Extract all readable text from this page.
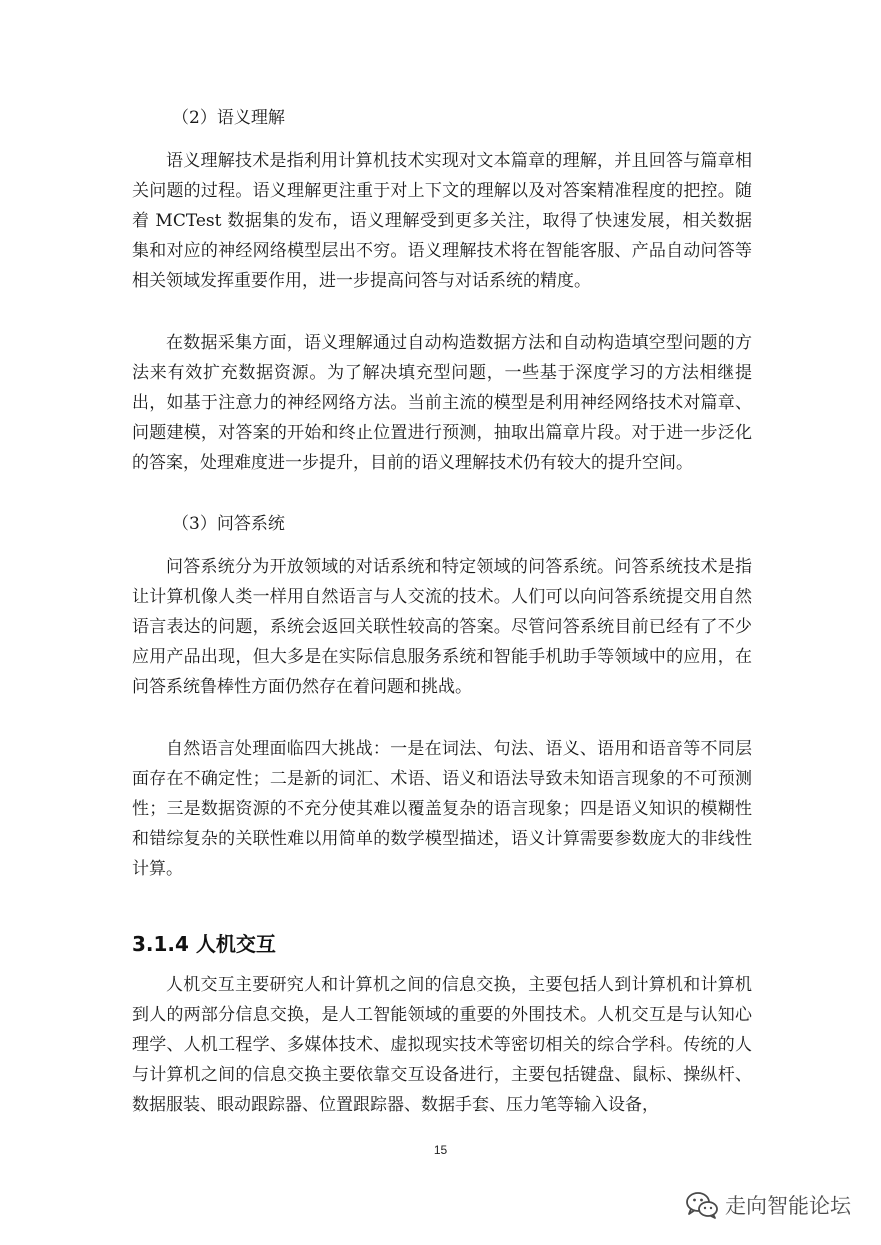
（2）语义理解

语义理解技术是指利用计算机技术实现对文本篇章的理解，并且回答与篇章相关问题的过程。语义理解更注重于对上下文的理解以及对答案精准程度的把控。随着 MCTest 数据集的发布，语义理解受到更多关注，取得了快速发展，相关数据集和对应的神经网络模型层出不穷。语义理解技术将在智能客服、产品自动问答等相关领域发挥重要作用，进一步提高问答与对话系统的精度。

在数据采集方面，语义理解通过自动构造数据方法和自动构造填空型问题的方法来有效扩充数据资源。为了解决填充型问题，一些基于深度学习的方法相继提出，如基于注意力的神经网络方法。当前主流的模型是利用神经网络技术对篇章、问题建模，对答案的开始和终止位置进行预测，抽取出篇章片段。对于进一步泛化的答案，处理难度进一步提升，目前的语义理解技术仍有较大的提升空间。

（3）问答系统

问答系统分为开放领域的对话系统和特定领域的问答系统。问答系统技术是指让计算机像人类一样用自然语言与人交流的技术。人们可以向问答系统提交用自然语言表达的问题，系统会返回关联性较高的答案。尽管问答系统目前已经有了不少应用产品出现，但大多是在实际信息服务系统和智能手机助手等领域中的应用，在问答系统鲁棒性方面仍然存在着问题和挑战。

自然语言处理面临四大挑战：一是在词法、句法、语义、语用和语音等不同层面存在不确定性；二是新的词汇、术语、语义和语法导致未知语言现象的不可预测性；三是数据资源的不充分使其难以覆盖复杂的语言现象；四是语义知识的模糊性和错综复杂的关联性难以用简单的数学模型描述，语义计算需要参数庞大的非线性计算。

3.1.4 人机交互

人机交互主要研究人和计算机之间的信息交换，主要包括人到计算机和计算机到人的两部分信息交换，是人工智能领域的重要的外围技术。人机交互是与认知心理学、人机工程学、多媒体技术、虚拟现实技术等密切相关的综合学科。传统的人与计算机之间的信息交换主要依靠交互设备进行，主要包括键盘、鼠标、操纵杆、数据服装、眼动跟踪器、位置跟踪器、数据手套、压力笔等输入设备，

15
走向智能论坛
